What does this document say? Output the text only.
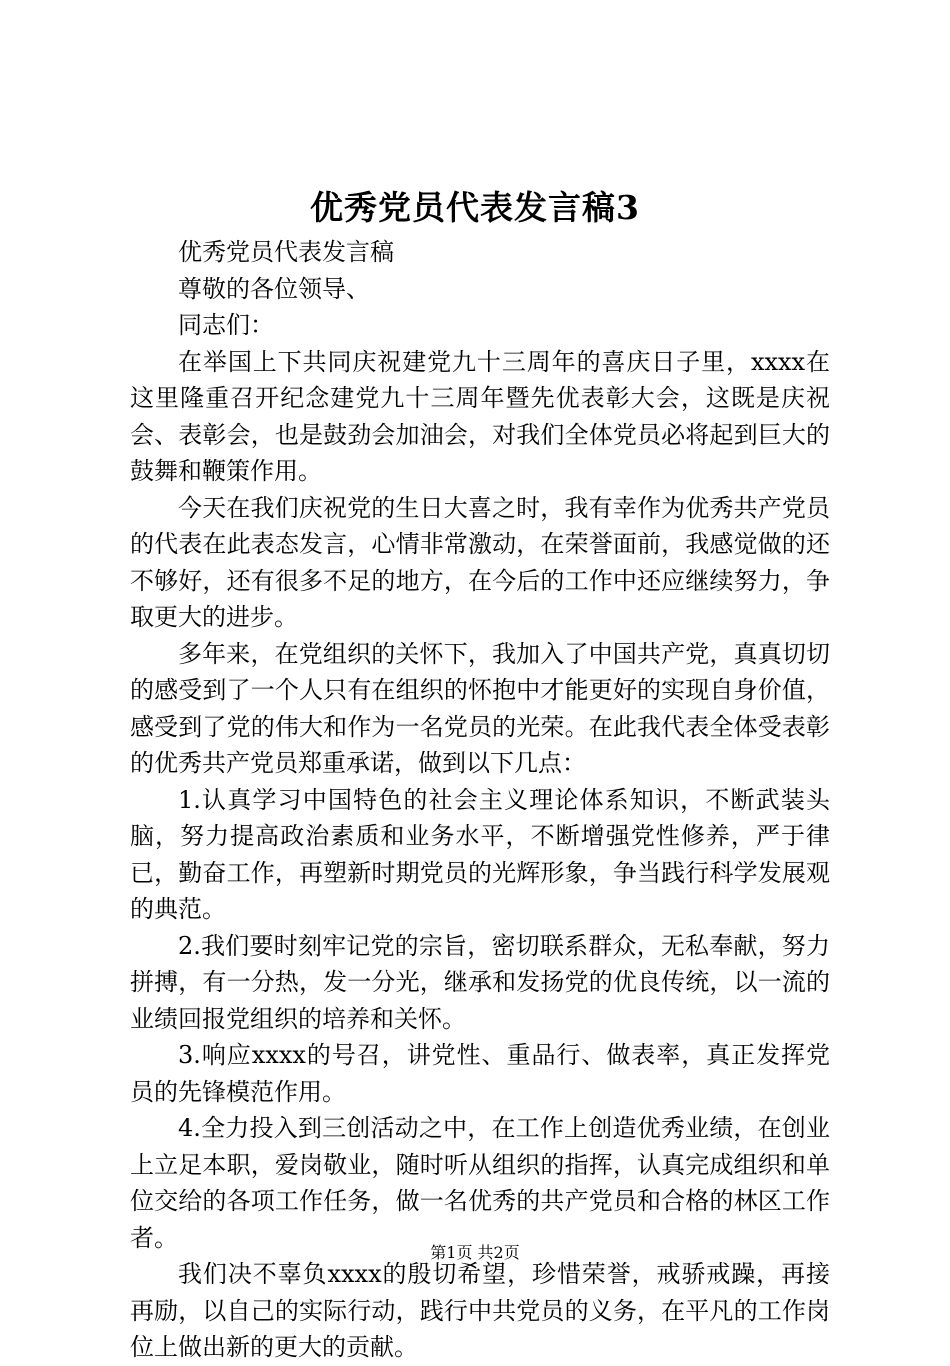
优秀党员代表发言稿3

优秀党员代表发言稿

尊敬的各位领导、

同志们：

在举国上下共同庆祝建党九十三周年的喜庆日子里，xxxx在这里隆重召开纪念建党九十三周年暨先优表彰大会，这既是庆祝会、表彰会，也是鼓劲会加油会，对我们全体党员必将起到巨大的鼓舞和鞭策作用。

今天在我们庆祝党的生日大喜之时，我有幸作为优秀共产党员的代表在此表态发言，心情非常激动，在荣誉面前，我感觉做的还不够好，还有很多不足的地方，在今后的工作中还应继续努力，争取更大的进步。

多年来，在党组织的关怀下，我加入了中国共产党，真真切切的感受到了一个人只有在组织的怀抱中才能更好的实现自身价值，感受到了党的伟大和作为一名党员的光荣。在此我代表全体受表彰的优秀共产党员郑重承诺，做到以下几点：

1.认真学习中国特色的社会主义理论体系知识，不断武装头脑，努力提高政治素质和业务水平，不断增强党性修养，严于律已，勤奋工作，再塑新时期党员的光辉形象，争当践行科学发展观的典范。

2.我们要时刻牢记党的宗旨，密切联系群众，无私奉献，努力拼搏，有一分热，发一分光，继承和发扬党的优良传统，以一流的业绩回报党组织的培养和关怀。

3.响应xxxx的号召，讲党性、重品行、做表率，真正发挥党员的先锋模范作用。

4.全力投入到三创活动之中，在工作上创造优秀业绩，在创业上立足本职，爱岗敬业，随时听从组织的指挥，认真完成组织和单位交给的各项工作任务，做一名优秀的共产党员和合格的林区工作者。

我们决不辜负xxxx的殷切希望，珍惜荣誉，戒骄戒躁，再接再励，以自己的实际行动，践行中共党员的义务，在平凡的工作岗位上做出新的更大的贡献。

第1页 共2页
